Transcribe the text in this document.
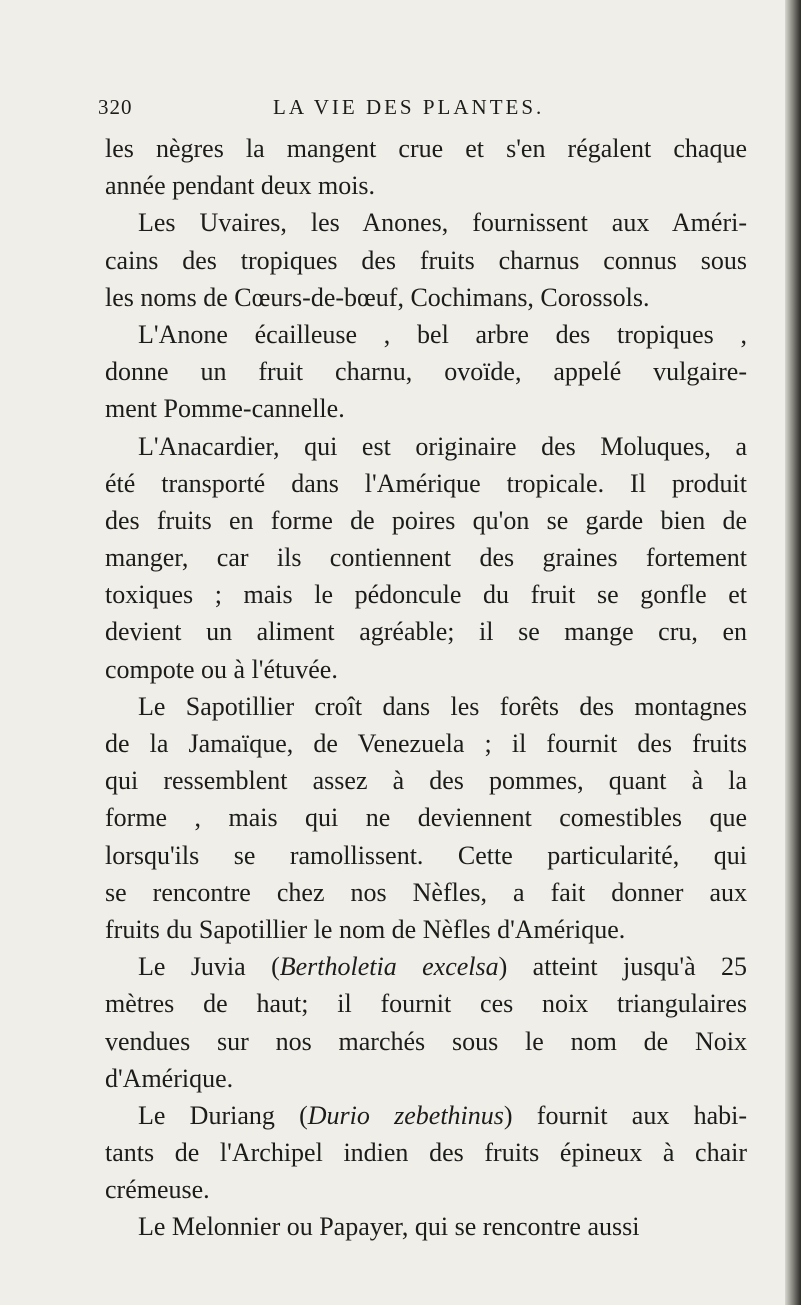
320	LA VIE DES PLANTES.
les nègres la mangent crue et s'en régalent chaque
année pendant deux mois.
Les Uvaires, les Anones, fournissent aux Améri-
cains des tropiques des fruits charnus connus sous
les noms de Cœurs-de-bœuf, Cochimans, Corossols.
L'Anone écailleuse , bel arbre des tropiques ,
donne un fruit charnu, ovoïde, appelé vulgaire-
ment Pomme-cannelle.
L'Anacardier, qui est originaire des Moluques, a
été transporté dans l'Amérique tropicale. Il produit
des fruits en forme de poires qu'on se garde bien de
manger, car ils contiennent des graines fortement
toxiques ; mais le pédoncule du fruit se gonfle et
devient un aliment agréable; il se mange cru, en
compote ou à l'étuvée.
Le Sapotillier croît dans les forêts des montagnes
de la Jamaïque, de Venezuela ; il fournit des fruits
qui ressemblent assez à des pommes, quant à la
forme , mais qui ne deviennent comestibles que
lorsqu'ils se ramollissent. Cette particularité, qui
se rencontre chez nos Nèfles, a fait donner aux
fruits du Sapotillier le nom de Nèfles d'Amérique.
Le Juvia (Bertholetia excelsa) atteint jusqu'à 25
mètres de haut; il fournit ces noix triangulaires
vendues sur nos marchés sous le nom de Noix
d'Amérique.
Le Duriang (Durio zebethinus) fournit aux habi-
tants de l'Archipel indien des fruits épineux à chair
crémeuse.
Le Melonnier ou Papayer, qui se rencontre aussi
